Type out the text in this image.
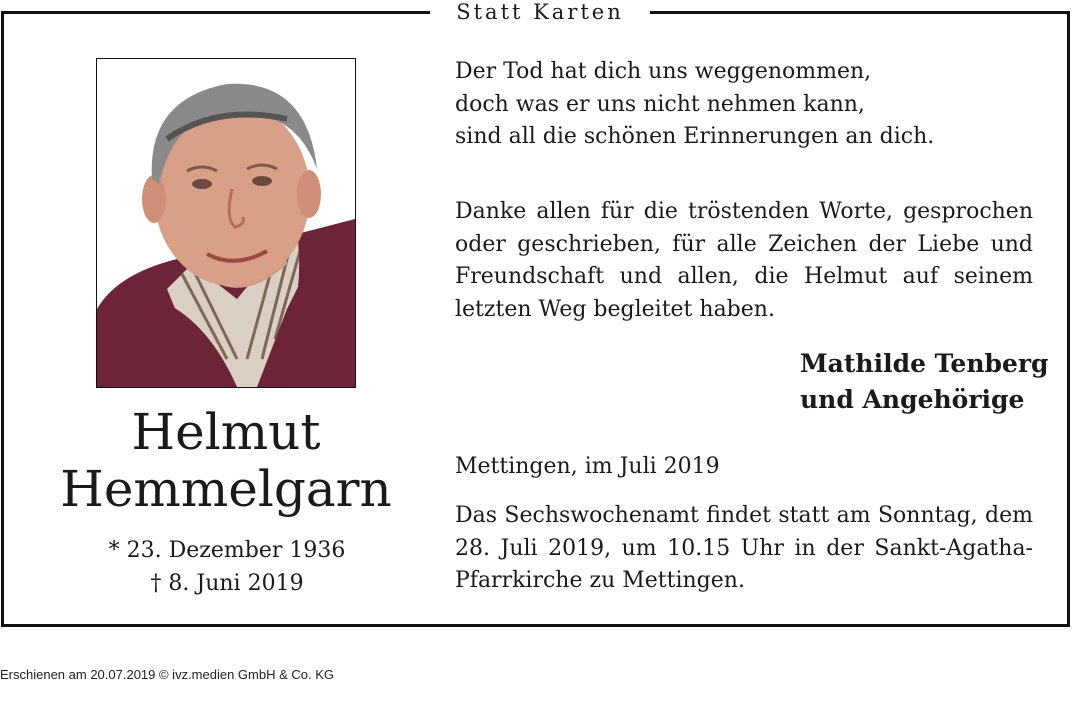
Statt Karten
Helmut
Hemmelgarn
* 23. Dezember 1936
† 8. Juni 2019
Der Tod hat dich uns weggenommen,
doch was er uns nicht nehmen kann,
sind all die schönen Erinnerungen an dich.
Danke allen für die tröstenden Worte, gesprochen
oder geschrieben, für alle Zeichen der Liebe und
Freundschaft und allen, die Helmut auf seinem
letzten Weg begleitet haben.
Mathilde Tenberg
und Angehörige
Mettingen, im Juli 2019
Das Sechswochenamt findet statt am Sonntag, dem
28. Juli 2019, um 10.15 Uhr in der Sankt-Agatha-
Pfarrkirche zu Mettingen.
Erschienen am 20.07.2019 © ivz.medien GmbH & Co. KG
